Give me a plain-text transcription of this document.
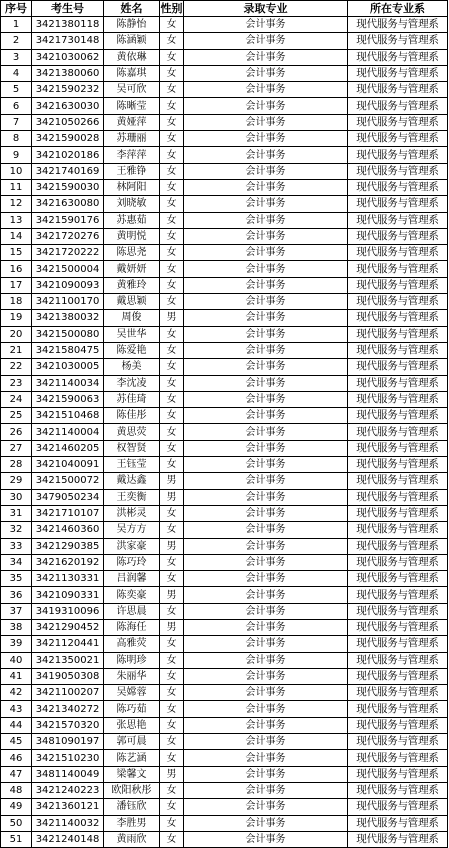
序号	考生号	姓名	性别	录取专业	所在专业系
1	3421380118	陈静怡	女	会计事务	现代服务与管理系
2	3421730148	陈涵颖	女	会计事务	现代服务与管理系
3	3421030062	黄依琳	女	会计事务	现代服务与管理系
4	3421380060	陈嘉琪	女	会计事务	现代服务与管理系
5	3421590232	吴可欣	女	会计事务	现代服务与管理系
6	3421630030	陈晰莹	女	会计事务	现代服务与管理系
7	3421050266	黄娅萍	女	会计事务	现代服务与管理系
8	3421590028	苏珊丽	女	会计事务	现代服务与管理系
9	3421020186	李萍萍	女	会计事务	现代服务与管理系
10	3421740169	王雅铮	女	会计事务	现代服务与管理系
11	3421590030	林阿阳	女	会计事务	现代服务与管理系
12	3421630080	刘晓敏	女	会计事务	现代服务与管理系
13	3421590176	苏惠茹	女	会计事务	现代服务与管理系
14	3421720276	黄明悦	女	会计事务	现代服务与管理系
15	3421720222	陈思尧	女	会计事务	现代服务与管理系
16	3421500004	戴妍妍	女	会计事务	现代服务与管理系
17	3421090093	黄雅玲	女	会计事务	现代服务与管理系
18	3421100170	戴思颖	女	会计事务	现代服务与管理系
19	3421380032	周俊	男	会计事务	现代服务与管理系
20	3421500080	吴世华	女	会计事务	现代服务与管理系
21	3421580475	陈爱艳	女	会计事务	现代服务与管理系
22	3421030005	杨美	女	会计事务	现代服务与管理系
23	3421140034	李沈凌	女	会计事务	现代服务与管理系
24	3421590063	苏佳琦	女	会计事务	现代服务与管理系
25	3421510468	陈佳彤	女	会计事务	现代服务与管理系
26	3421140004	黄思荧	女	会计事务	现代服务与管理系
27	3421460205	权智贤	女	会计事务	现代服务与管理系
28	3421040091	王钰莹	女	会计事务	现代服务与管理系
29	3421500072	戴达鑫	男	会计事务	现代服务与管理系
30	3479050234	王奕衡	男	会计事务	现代服务与管理系
31	3421710107	洪彬灵	女	会计事务	现代服务与管理系
32	3421460360	吴方方	女	会计事务	现代服务与管理系
33	3421290385	洪家豪	男	会计事务	现代服务与管理系
34	3421620192	陈巧玲	女	会计事务	现代服务与管理系
35	3421130331	吕润馨	女	会计事务	现代服务与管理系
36	3421090331	陈奕豪	男	会计事务	现代服务与管理系
37	3419310096	许思晨	女	会计事务	现代服务与管理系
38	3421290452	陈海任	男	会计事务	现代服务与管理系
39	3421120441	高雅荧	女	会计事务	现代服务与管理系
40	3421350021	陈明珍	女	会计事务	现代服务与管理系
41	3419050308	朱丽华	女	会计事务	现代服务与管理系
42	3421100207	吴嫦蓉	女	会计事务	现代服务与管理系
43	3421340272	陈巧茹	女	会计事务	现代服务与管理系
44	3421570320	张思艳	女	会计事务	现代服务与管理系
45	3481090197	郭可晨	女	会计事务	现代服务与管理系
46	3421510230	陈艺涵	女	会计事务	现代服务与管理系
47	3481140049	梁馨文	男	会计事务	现代服务与管理系
48	3421240223	欧阳秋彤	女	会计事务	现代服务与管理系
49	3421360121	潘钰欣	女	会计事务	现代服务与管理系
50	3421140032	李胜男	女	会计事务	现代服务与管理系
51	3421240148	黄雨欣	女	会计事务	现代服务与管理系
